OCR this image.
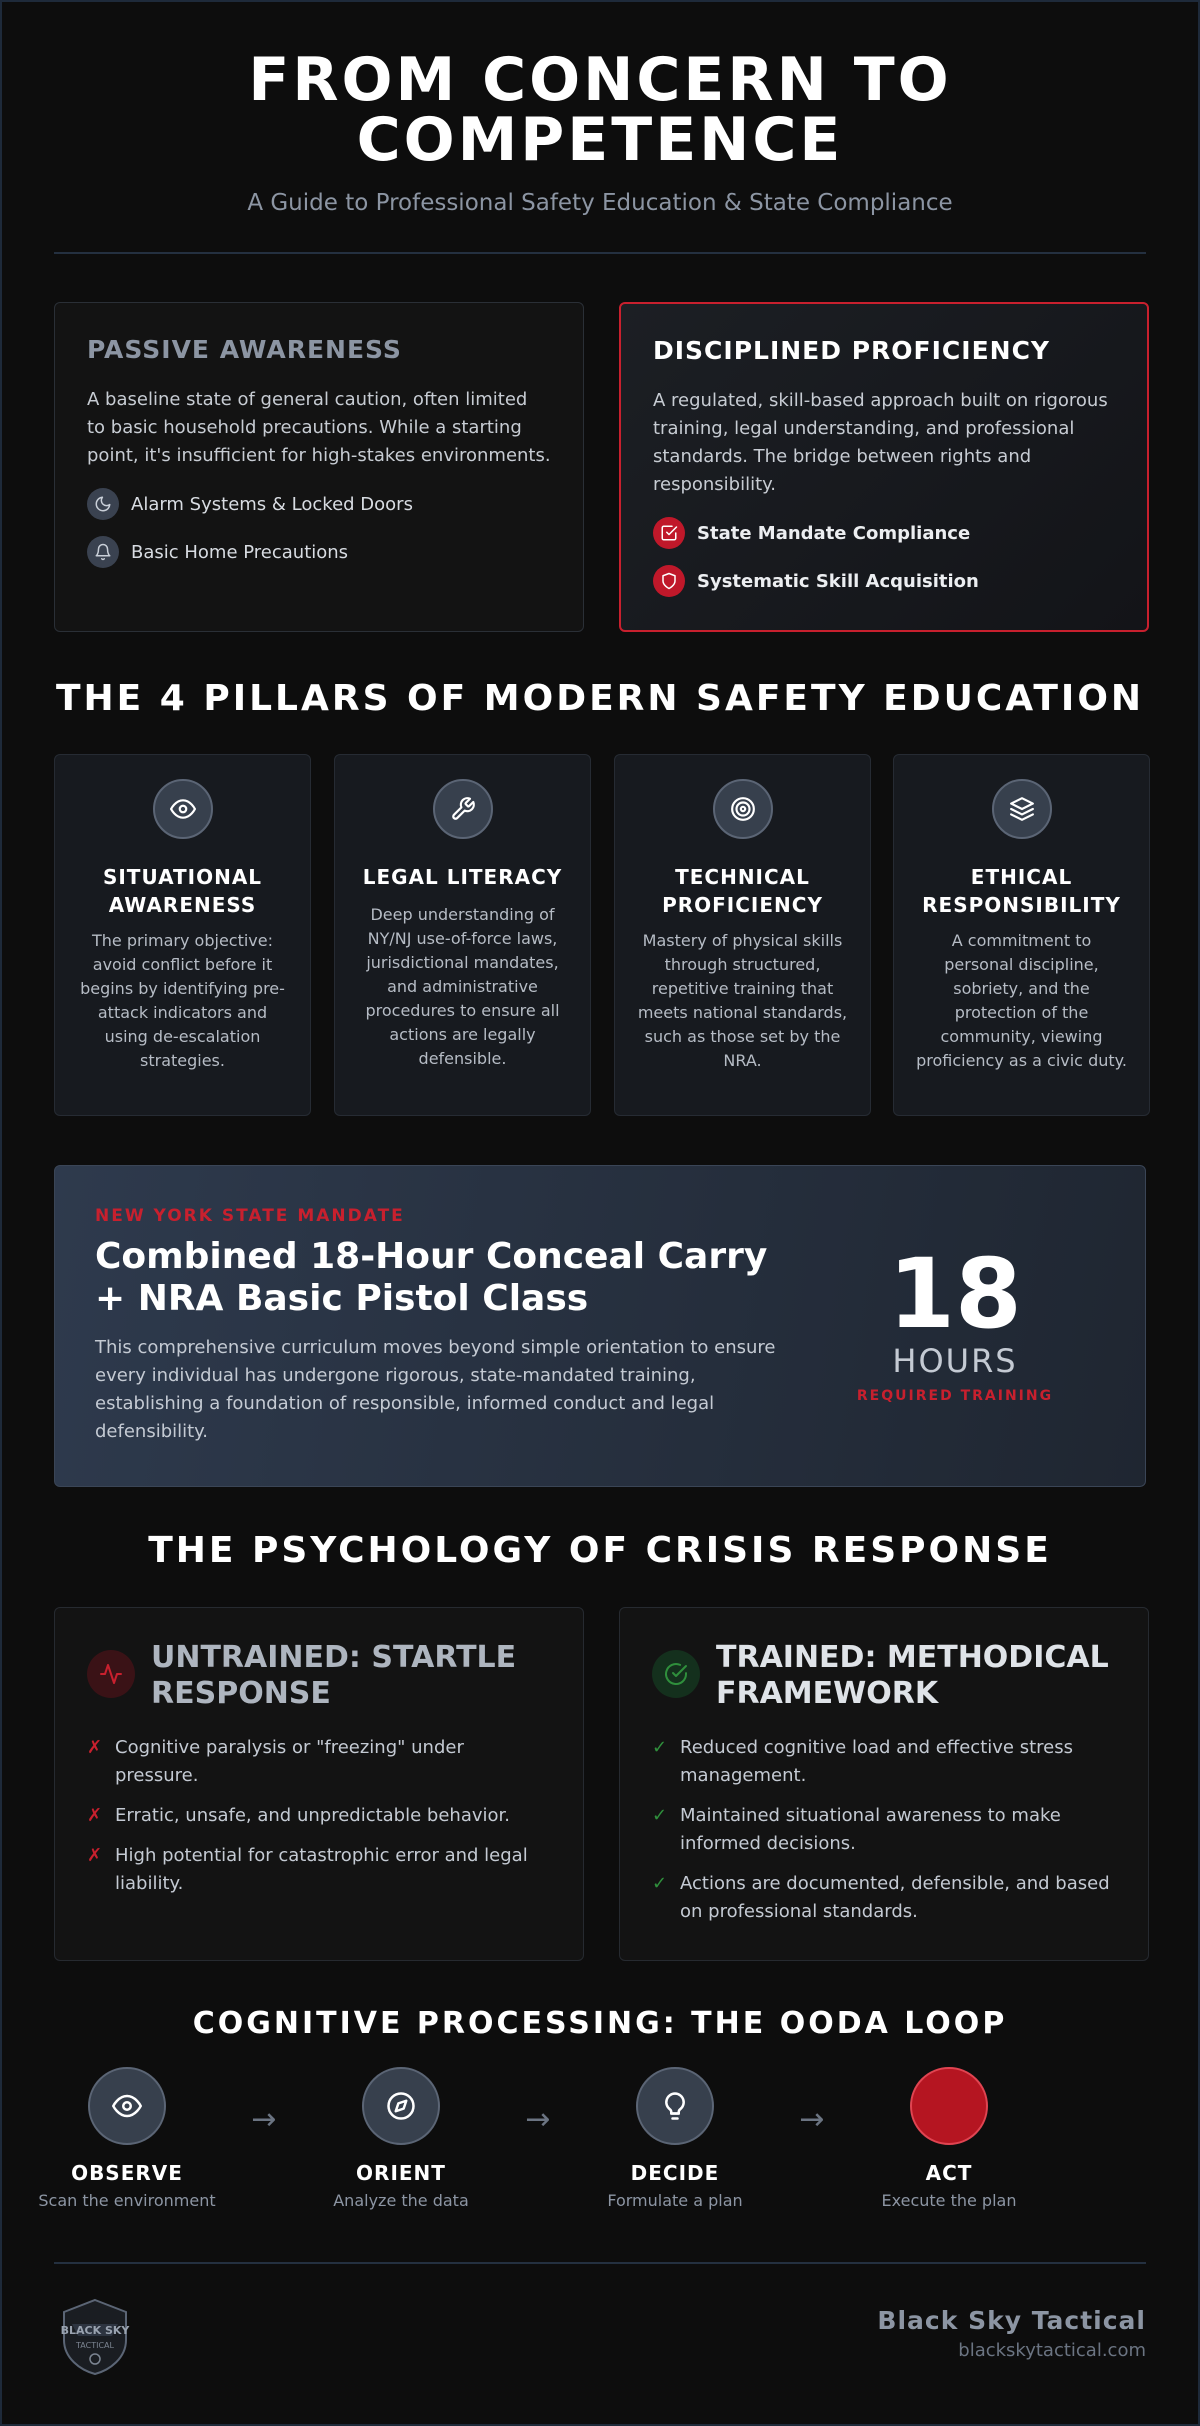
FROM CONCERN TO
COMPETENCE
A Guide to Professional Safety Education & State Compliance
PASSIVE AWARENESS

A baseline state of general caution, often limited to basic household precautions. While a starting point, it's insufficient for high-stakes environments.

Alarm Systems & Locked Doors
Basic Home Precautions
DISCIPLINED PROFICIENCY

A regulated, skill-based approach built on rigorous training, legal understanding, and professional standards. The bridge between rights and responsibility.

State Mandate Compliance
Systematic Skill Acquisition
THE 4 PILLARS OF MODERN SAFETY EDUCATION
SITUATIONAL
AWARENESS
The primary objective: avoid conflict before it begins by identifying pre-attack indicators and using de-escalation strategies.
LEGAL LITERACY
Deep understanding of NY/NJ use-of-force laws, jurisdictional mandates, and administrative procedures to ensure all actions are legally defensible.
TECHNICAL
PROFICIENCY
Mastery of physical skills through structured, repetitive training that meets national standards, such as those set by the NRA.
ETHICAL
RESPONSIBILITY
A commitment to personal discipline, sobriety, and the protection of the community, viewing proficiency as a civic duty.
NEW YORK STATE MANDATE
Combined 18-Hour Conceal Carry + NRA Basic Pistol Class
This comprehensive curriculum moves beyond simple orientation to ensure every individual has undergone rigorous, state-mandated training, establishing a foundation of responsible, informed conduct and legal defensibility.
18
HOURS
REQUIRED TRAINING
THE PSYCHOLOGY OF CRISIS RESPONSE
UNTRAINED: STARTLE RESPONSE
✗ Cognitive paralysis or "freezing" under pressure.
✗ Erratic, unsafe, and unpredictable behavior.
✗ High potential for catastrophic error and legal liability.
TRAINED: METHODICAL FRAMEWORK
✓ Reduced cognitive load and effective stress management.
✓ Maintained situational awareness to make informed decisions.
✓ Actions are documented, defensible, and based on professional standards.
COGNITIVE PROCESSING: THE OODA LOOP
BLACK SKY
TACTICAL
Black Sky Tactical
blackskytactical.com
OBSERVE
Scan the environment
→
ORIENT
Analyze the data
→
DECIDE
Formulate a plan
→
ACT
Execute the plan
